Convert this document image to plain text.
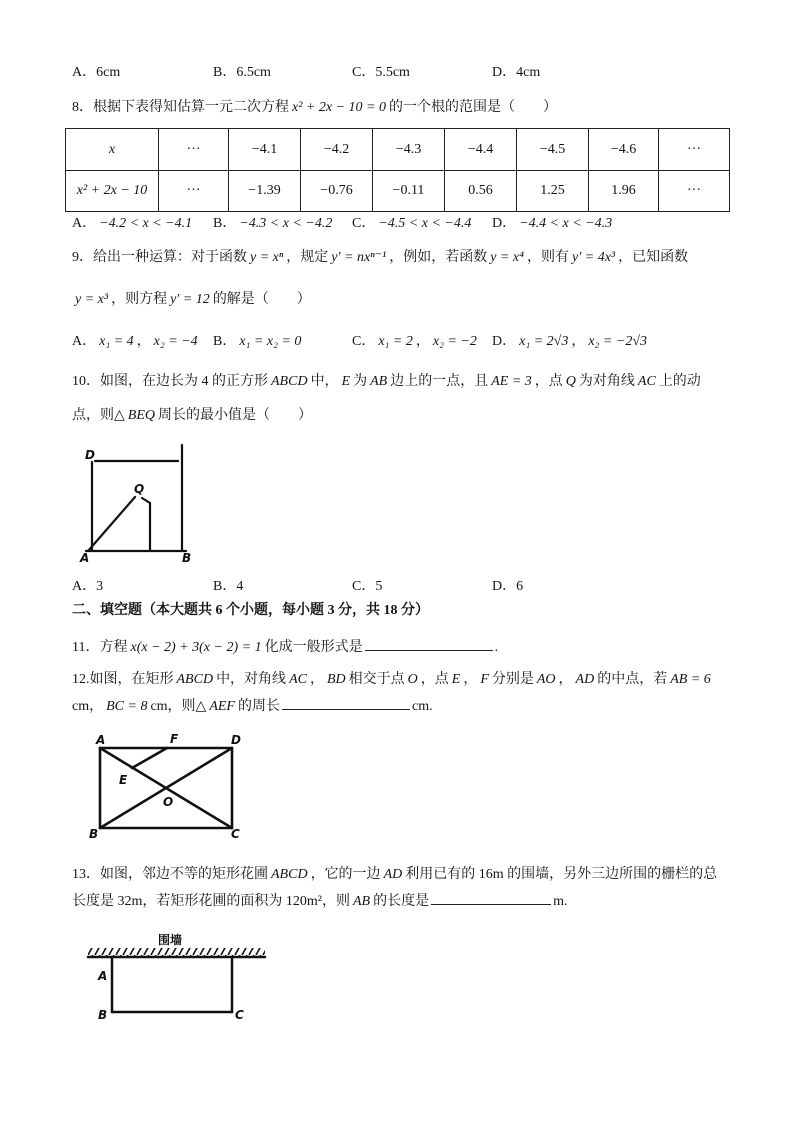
A．6cm	B．6.5cm	C．5.5cm	D．4cm
8．根据下表得知估算一元二次方程 x² + 2x − 10 = 0 的一个根的范围是（　　）
x	···	−4.1	−4.2	−4.3	−4.4	−4.5	−4.6	···
x² + 2x − 10	···	−1.39	−0.76	−0.11	0.56	1.25	1.96	···
A． −4.2 < x < −4.1 B． −4.3 < x < −4.2 C． −4.5 < x < −4.4 D． −4.4 < x < −4.3
9．给出一种运算：对于函数 y = xⁿ ，规定 y′ = nxⁿ⁻¹ ，例如，若函数 y = x⁴ ，则有 y′ = 4x³ ，已知函数
y = x³ ，则方程 y′ = 12 的解是（　　）
A． x₁ = 4 ， x₂ = −4 B． x₁ = x₂ = 0	C． x₁ = 2 ， x₂ = −2 D． x₁ = 2√3 ， x₂ = −2√3
10．如图，在边长为 4 的正方形 ABCD 中， E 为 AB 边上的一点，且 AE = 3 ，点 Q 为对角线 AC 上的动
点，则△ BEQ 周长的最小值是（　　）
D
Q
A	B
A．3	B．4	C．5	D．6
二、填空题（本大题共 6 个小题，每小题 3 分，共 18 分）
11．方程 x(x − 2) + 3(x − 2) = 1 化成一般形式是	.
12.如图，在矩形 ABCD 中，对角线 AC ， BD 相交于点 O ，点 E ， F 分别是 AO ， AD 的中点，若 AB = 6
cm， BC = 8 cm，则△ AEF 的周长	cm.
A	F	D
E
O
B	C
13．如图，邻边不等的矩形花圃 ABCD ，它的一边 AD 利用已有的 16m 的围墙，另外三边所围的栅栏的总
长度是 32m，若矩形花圃的面积为 120m²，则 AB 的长度是	m.
围墙
A
B	C
